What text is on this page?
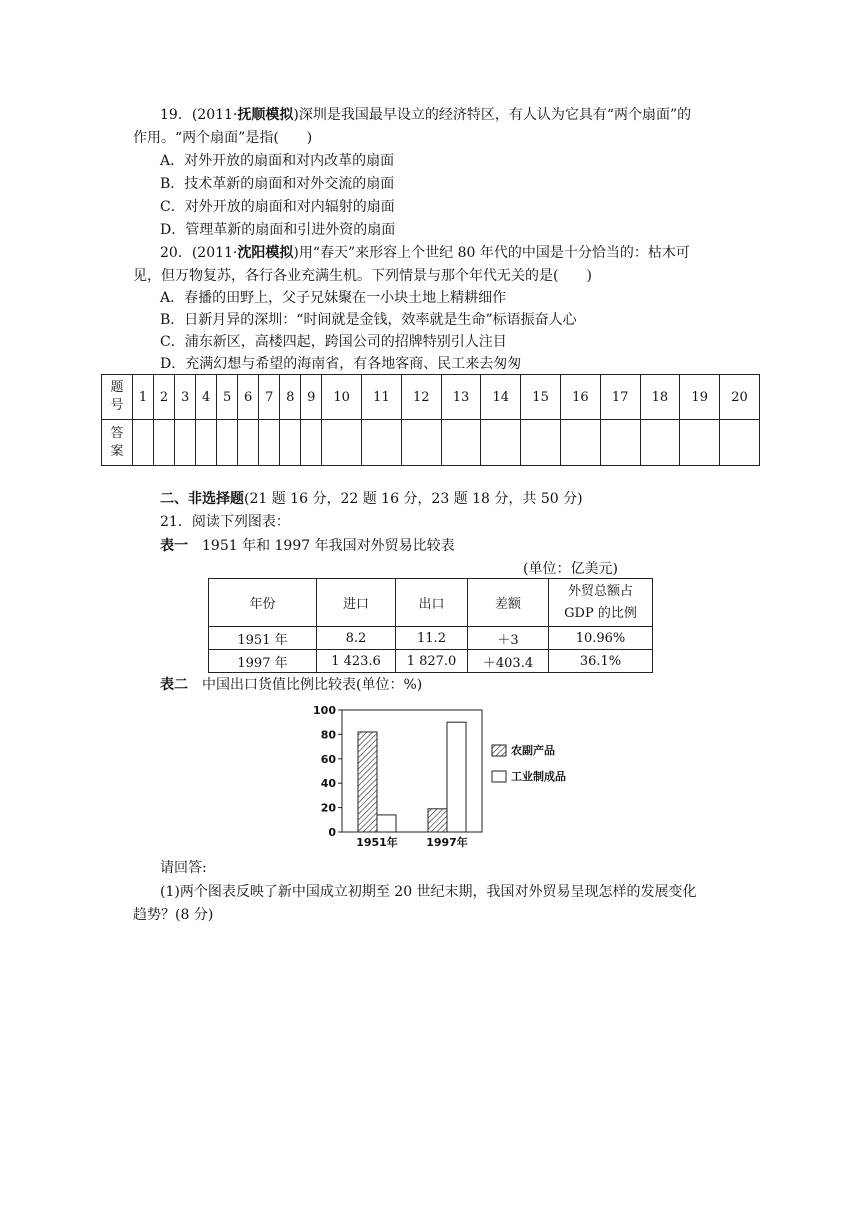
19．(2011·抚顺模拟)深圳是我国最早设立的经济特区，有人认为它具有“两个扇面”的
作用。“两个扇面”是指(　　)
A．对外开放的扇面和对内改革的扇面
B．技术革新的扇面和对外交流的扇面
C．对外开放的扇面和对内辐射的扇面
D．管理革新的扇面和引进外资的扇面
20．(2011·沈阳模拟)用“春天”来形容上个世纪 80 年代的中国是十分恰当的：枯木可
见，但万物复苏，各行各业充满生机。下列情景与那个年代无关的是(　　)
A．春播的田野上，父子兄妹聚在一小块土地上精耕细作
B．日新月异的深圳：“时间就是金钱，效率就是生命”标语振奋人心
C．浦东新区，高楼四起，跨国公司的招牌特别引人注目
D．充满幻想与希望的海南省，有各地客商、民工来去匆匆
题
号	1	2	3	4	5	6	7	8	9	10	11	12	13	14	15	16	17	18	19	20
答
案																				
二、非选择题(21 题 16 分，22 题 16 分，23 题 18 分，共 50 分)
21．阅读下列图表：
表一 1951 年和 1997 年我国对外贸易比较表
(单位：亿美元)
年份	进口	出口	差额	外贸总额占
GDP 的比例
1951 年	8.2	11.2	＋3	10.96%
1997 年	1 423.6	1 827.0	＋403.4	36.1%
表二 中国出口货值比例比较表(单位：%)
0
20
40
60
80
100
1951年	1997年
农副产品
工业制成品
请回答:
(1)两个图表反映了新中国成立初期至 20 世纪末期，我国对外贸易呈现怎样的发展变化
趋势？(8 分)
